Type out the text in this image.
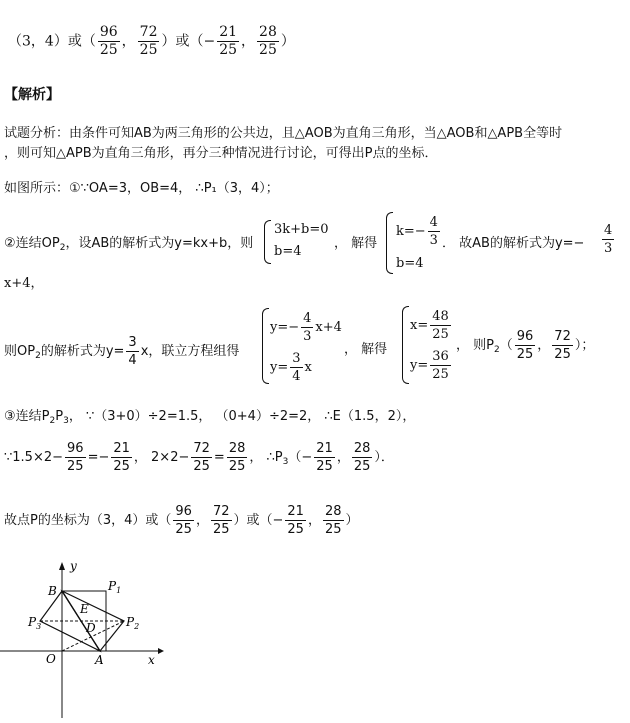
（3，4）或（ $\frac{96}{25}$ ， $\frac{72}{25}$ ）或（− $\frac{21}{25}$ ， $\frac{28}{25}$ ）
【解析】
试题分析：由条件可知AB为两三角形的公共边，且△AOB为直角三角形，当△AOB和△APB全等时
，则可知△APB为直角三角形，再分三种情况进行讨论，可得出P点的坐标．
如图所示：①∵OA=3，OB=4， ∴P₁（3，4）；
②连结$OP_2$，设AB的解析式为y=kx+b，则
3k+b=0
b=4
， 解得
$k=- \frac{4}{3}$
b=4
． 故AB的解析式为$y=- \frac{4}{3}$
x+4，
则$OP_2$的解析式为$y= \frac{3}{4}$ x，联立方程组得
$y=- \frac{4}{3} x+4$
$y= \frac{3}{4}$ x
， 解得
$x= \frac{48}{25}$
$y= \frac{36}{25}$
， 则$P_2( \frac{96}{25}$ ， $\frac{72}{25}$ ）；
③连结$P_2P_3$， ∵（3+0）÷2=1.5， （0+4）÷2=2， ∴E（1.5，2），
∵1.5×2− $\frac{96}{25} =- \frac{21}{25}$ ， $2\times 2- \frac{72}{25} = \frac{28}{25}$ ， $\therefore P_3(- \frac{21}{25}$ ， $\frac{28}{25}$ ）．
故点P的坐标为（3，4）或（ $\frac{96}{25}$ ， $\frac{72}{25}$ ）或（− $\frac{21}{25}$ ， $\frac{28}{25}$ ）
y
x
B	$P_1$
$P_2$
$P_3$
E
D
O	A
